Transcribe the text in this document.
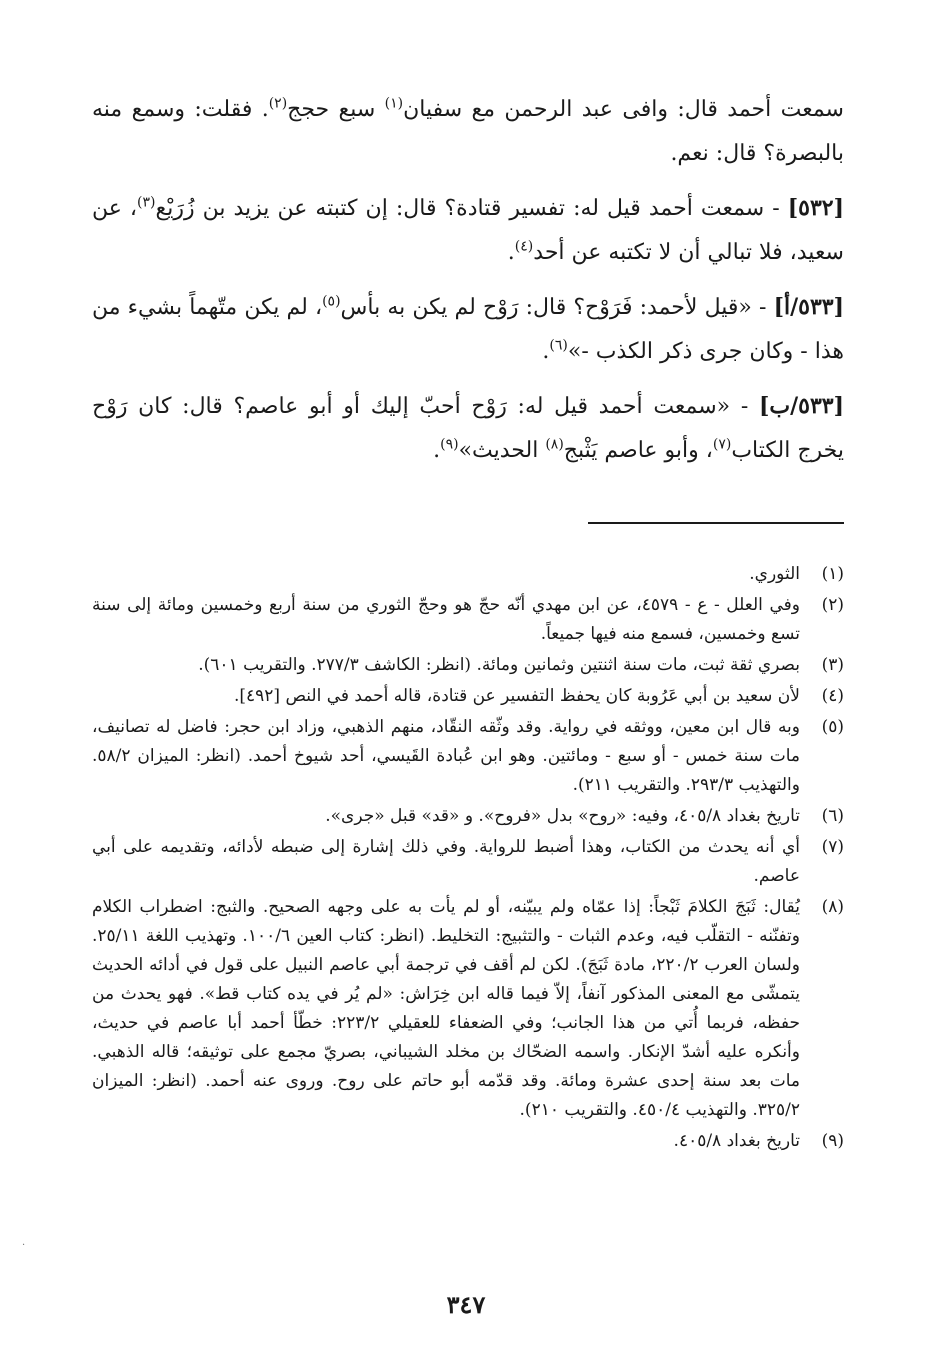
سمعت أحمد قال: وافى عبد الرحمن مع سفيان$^{(١)}$ سبع حجج$^{(٢)}$. فقلت: وسمع منه بالبصرة؟ قال: نعم.

[٥٣٢] - سمعت أحمد قيل له: تفسير قتادة؟ قال: إن كتبته عن يزيد بن زُرَيْع$^{(٣)}$، عن سعيد، فلا تبالي أن لا تكتبه عن أحد$^{(٤)}$.

[٥٣٣/أ] - «قيل لأحمد: فَرَوْح؟ قال: رَوْح لم يكن به بأس$^{(٥)}$، لم يكن متّهماً بشيء من هذا - وكان جرى ذكر الكذب -»$^{(٦)}$.

[٥٣٣/ب] - «سمعت أحمد قيل له: رَوْح أحبّ إليك أو أبو عاصم؟ قال: كان رَوْح يخرج الكتاب$^{(٧)}$، وأبو عاصم يَثْبج$^{(٨)}$ الحديث»$^{(٩)}$.

(١)
الثوري.
(٢)
وفي العلل - ع - ٤٥٧٩، عن ابن مهدي أنّه حجّ هو وحجّ الثوري من سنة أربع وخمسين ومائة إلى سنة تسع وخمسين، فسمع منه فيها جميعاً.
(٣)
بصري ثقة ثبت، مات سنة اثنتين وثمانين ومائة. (انظر: الكاشف ٢٧٧/٣. والتقريب ٦٠١).
(٤)
لأن سعيد بن أبي عَرُوبة كان يحفظ التفسير عن قتادة، قاله أحمد في النص [٤٩٢].
(٥)
وبه قال ابن معين، ووثقه في رواية. وقد وثّقه النقّاد، منهم الذهبي، وزاد ابن حجر: فاضل له تصانيف، مات سنة خمس - أو سبع - ومائتين. وهو ابن عُبادة القَيسي، أحد شيوخ أحمد. (انظر: الميزان ٥٨/٢. والتهذيب ٢٩٣/٣. والتقريب ٢١١).
(٦)
تاريخ بغداد ٤٠٥/٨، وفيه: «روح» بدل «فروح». و «قد» قبل «جرى».
(٧)
أي أنه يحدث من الكتاب، وهذا أضبط للرواية. وفي ذلك إشارة إلى ضبطه لأدائه، وتقديمه على أبي عاصم.
(٨)
يُقال: ثَبَجَ الكلامَ ثَبْجاً: إذا عمّاه ولم يبيّنه، أو لم يأت به على وجهه الصحيح. والثبج: اضطراب الكلام وتفنّنه - التقلّب فيه، وعدم الثبات - والتثبيج: التخليط. (انظر: كتاب العين ١٠٠/٦. وتهذيب اللغة ٢٥/١١. ولسان العرب ٢٢٠/٢، مادة ثَبَجَ). لكن لم أقف في ترجمة أبي عاصم النبيل على قول في أدائه الحديث يتمشّى مع المعنى المذكور آنفاً، إلاّ فيما قاله ابن خِرَاش: «لم يُر في يده كتاب قط». فهو يحدث من حفظه، فربما أُتي من هذا الجانب؛ وفي الضعفاء للعقيلي ٢٢٣/٢: خطّأ أحمد أبا عاصم في حديث، وأنكره عليه أشدّ الإنكار. واسمه الضحّاك بن مخلد الشيباني، بصريّ مجمع على توثيقه؛ قاله الذهبي. مات بعد سنة إحدى عشرة ومائة. وقد قدّمه أبو حاتم على روح. وروى عنه أحمد. (انظر: الميزان ٣٢٥/٢. والتهذيب ٤٥٠/٤. والتقريب ٢١٠).
(٩)
تاريخ بغداد ٤٠٥/٨.
٣٤٧
·
